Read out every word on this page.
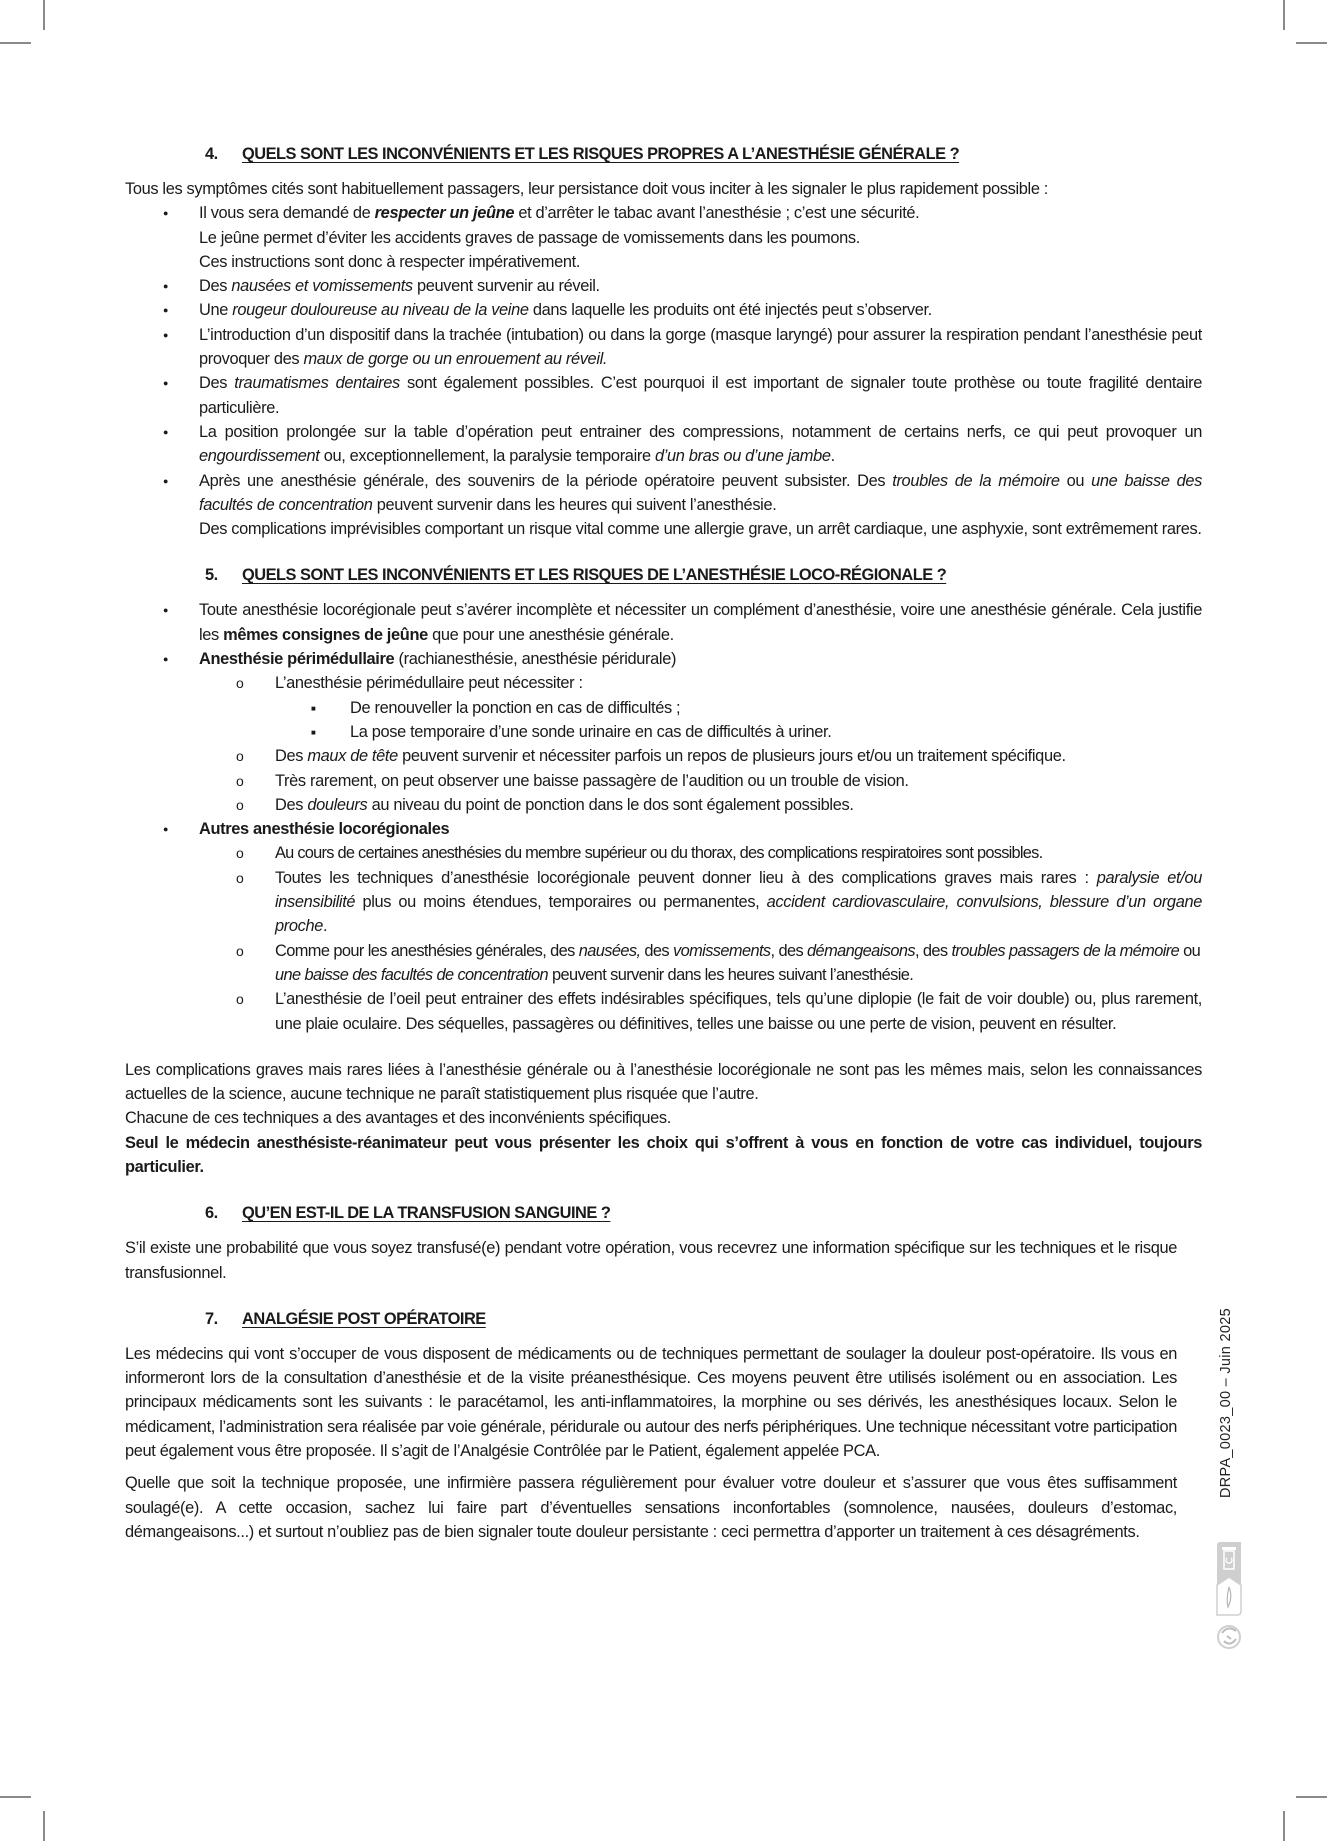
DRPA_0023_00 – Juin 2025
4. QUELS SONT LES INCONVÉNIENTS ET LES RISQUES PROPRES A L’ANESTHÉSIE GÉNÉRALE ?

Tous les symptômes cités sont habituellement passagers, leur persistance doit vous inciter à les signaler le plus rapidement possible :

●
Il vous sera demandé de respecter un jeûne et d’arrêter le tabac avant l’anesthésie ; c’est une sécurité.

Le jeûne permet d’éviter les accidents graves de passage de vomissements dans les poumons.

Ces instructions sont donc à respecter impérativement.

●
Des nausées et vomissements peuvent survenir au réveil.
●
Une rougeur douloureuse au niveau de la veine dans laquelle les produits ont été injectés peut s’observer.
●
L’introduction d’un dispositif dans la trachée (intubation) ou dans la gorge (masque laryngé) pour assurer la respiration pendant l’anesthésie peut provoquer des maux de gorge ou un enrouement au réveil.
●
Des traumatismes dentaires sont également possibles. C’est pourquoi il est important de signaler toute prothèse ou toute fragilité dentaire particulière.
●
La position prolongée sur la table d’opération peut entrainer des compressions, notamment de certains nerfs, ce qui peut provoquer un engourdissement ou, exceptionnellement, la paralysie temporaire d’un bras ou d’une jambe.
●
Après une anesthésie générale, des souvenirs de la période opératoire peuvent subsister. Des troubles de la mémoire ou une baisse des facultés de concentration peuvent survenir dans les heures qui suivent l’anesthésie.

Des complications imprévisibles comportant un risque vital comme une allergie grave, un arrêt cardiaque, une asphyxie, sont extrêmement rares.

5. QUELS SONT LES INCONVÉNIENTS ET LES RISQUES DE L’ANESTHÉSIE LOCO-RÉGIONALE ?
●
Toute anesthésie locorégionale peut s’avérer incomplète et nécessiter un complément d’anesthésie, voire une anesthésie générale. Cela justifie les mêmes consignes de jeûne que pour une anesthésie générale.
●
Anesthésie périmédullaire (rachianesthésie, anesthésie péridurale)
o L’anesthésie périmédullaire peut nécessiter :
■
De renouveller la ponction en cas de difficultés ;
■
La pose temporaire d’une sonde urinaire en cas de difficultés à uriner.
o Des maux de tête peuvent survenir et nécessiter parfois un repos de plusieurs jours et/ou un traitement spécifique.
o Très rarement, on peut observer une baisse passagère de l’audition ou un trouble de vision.
o Des douleurs au niveau du point de ponction dans le dos sont également possibles.
●
Autres anesthésie locorégionales
o Au cours de certaines anesthésies du membre supérieur ou du thorax, des complications respiratoires sont possibles.
o Toutes les techniques d’anesthésie locorégionale peuvent donner lieu à des complications graves mais rares : paralysie et/ou insensibilité plus ou moins étendues, temporaires ou permanentes, accident cardiovasculaire, convulsions, blessure d’un organe proche.
o Comme pour les anesthésies générales, des nausées, des vomissements, des démangeaisons, des troubles passagers de la mémoire ou une baisse des facultés de concentration peuvent survenir dans les heures suivant l’anesthésie.
o L’anesthésie de l’oeil peut entrainer des effets indésirables spécifiques, tels qu’une diplopie (le fait de voir double) ou, plus rarement, une plaie oculaire. Des séquelles, passagères ou définitives, telles une baisse ou une perte de vision, peuvent en résulter.

Les complications graves mais rares liées à l’anesthésie générale ou à l’anesthésie locorégionale ne sont pas les mêmes mais, selon les connaissances actuelles de la science, aucune technique ne paraît statistiquement plus risquée que l’autre.

Chacune de ces techniques a des avantages et des inconvénients spécifiques.

Seul le médecin anesthésiste-réanimateur peut vous présenter les choix qui s’offrent à vous en fonction de votre cas individuel, toujours particulier.

6. QU’EN EST-IL DE LA TRANSFUSION SANGUINE ?

S’il existe une probabilité que vous soyez transfusé(e) pendant votre opération, vous recevrez une information spécifique sur les techniques et le risque transfusionnel.

7. ANALGÉSIE POST OPÉRATOIRE

Les médecins qui vont s’occuper de vous disposent de médicaments ou de techniques permettant de soulager la douleur post-opératoire. Ils vous en informeront lors de la consultation d’anesthésie et de la visite préanesthésique. Ces moyens peuvent être utilisés isolément ou en association. Les principaux médicaments sont les suivants : le paracétamol, les anti-inflammatoires, la morphine ou ses dérivés, les anesthésiques locaux. Selon le médicament, l’administration sera réalisée par voie générale, péridurale ou autour des nerfs périphériques. Une technique nécessitant votre participation peut également vous être proposée. Il s’agit de l’Analgésie Contrôlée par le Patient, également appelée PCA.

Quelle que soit la technique proposée, une infirmière passera régulièrement pour évaluer votre douleur et s’assurer que vous êtes suffisamment soulagé(e). A cette occasion, sachez lui faire part d’éventuelles sensations inconfortables (somnolence, nausées, douleurs d’estomac, démangeaisons...) et surtout n’oubliez pas de bien signaler toute douleur persistante : ceci permettra d’apporter un traitement à ces désagréments.
